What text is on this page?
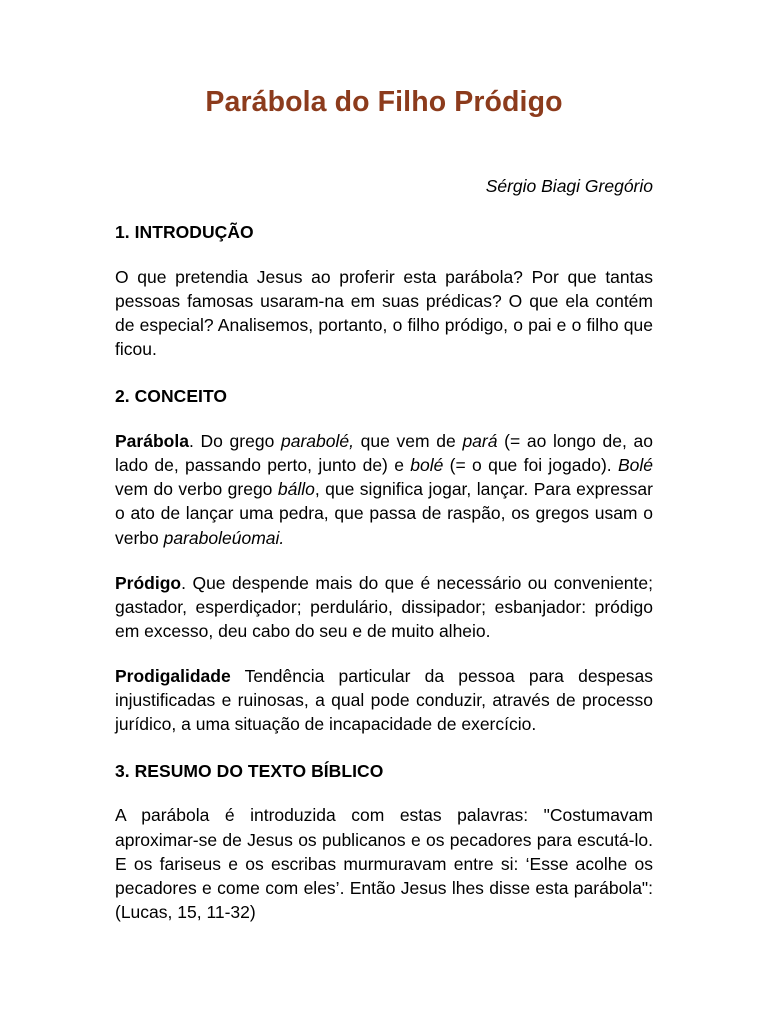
Parábola do Filho Pródigo
Sérgio Biagi Gregório
1. INTRODUÇÃO

O que pretendia Jesus ao proferir esta parábola? Por que tantas pessoas famosas usaram-na em suas prédicas? O que ela contém de especial? Analisemos, portanto, o filho pródigo, o pai e o filho que ficou.

2. CONCEITO

Parábola. Do grego parabolé, que vem de pará (= ao longo de, ao lado de, passando perto, junto de) e bolé (= o que foi jogado). Bolé vem do verbo grego bállo, que significa jogar, lançar. Para expressar o ato de lançar uma pedra, que passa de raspão, os gregos usam o verbo paraboleúomai.

Pródigo. Que despende mais do que é necessário ou conveniente; gastador, esperdiçador; perdulário, dissipador; esbanjador: pródigo em excesso, deu cabo do seu e de muito alheio.

Prodigalidade Tendência particular da pessoa para despesas injustificadas e ruinosas, a qual pode conduzir, através de processo jurídico, a uma situação de incapacidade de exercício.

3. RESUMO DO TEXTO BÍBLICO

A parábola é introduzida com estas palavras: "Costumavam aproximar-se de Jesus os publicanos e os pecadores para escutá-lo. E os fariseus e os escribas murmuravam entre si: ‘Esse acolhe os pecadores e come com eles’. Então Jesus lhes disse esta parábola": (Lucas, 15, 11-32)
